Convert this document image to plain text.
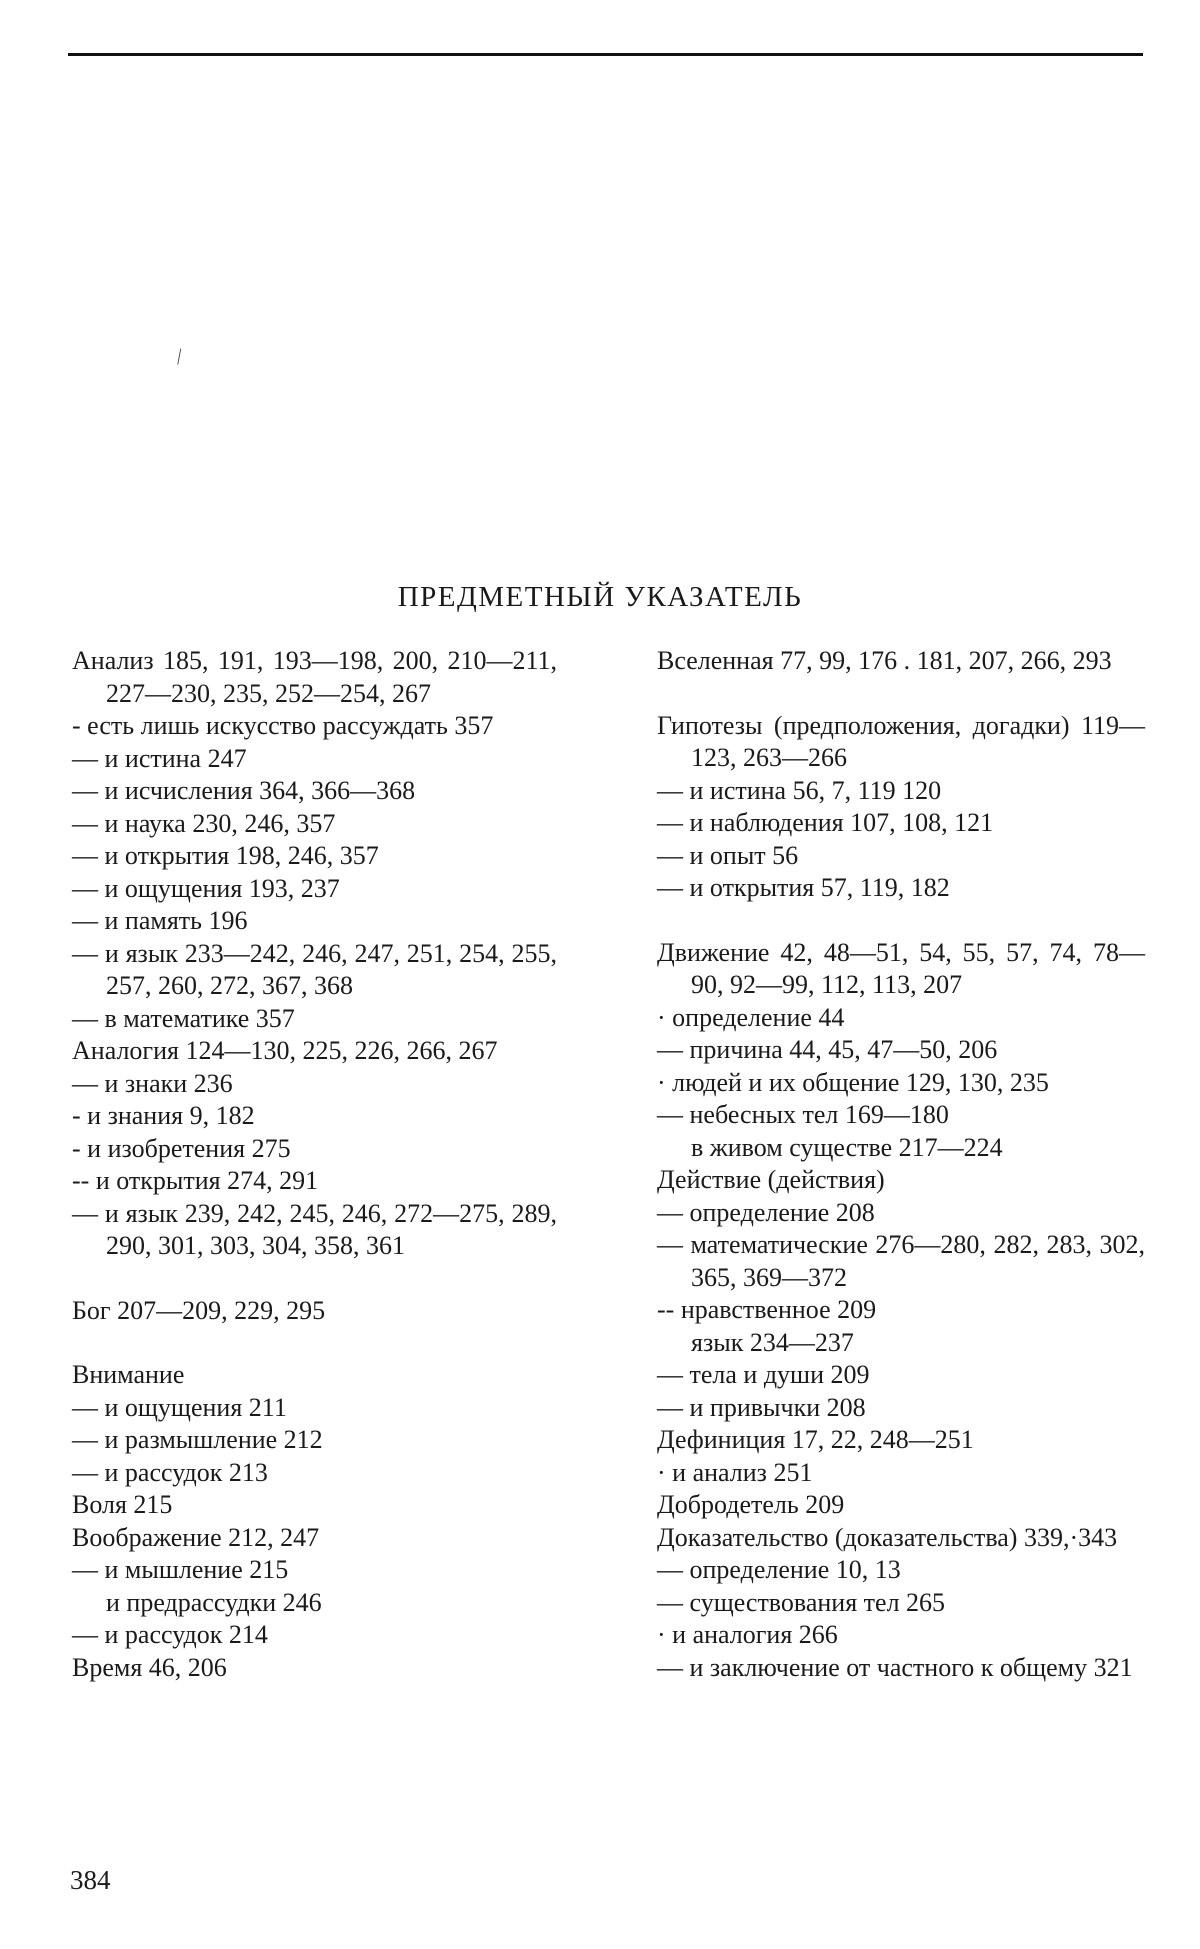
⁄
ПРЕДМЕТНЫЙ УКАЗАТЕЛЬ
Анализ 185, 191, 193—198, 200, 210—211, 227—230, 235, 252—254, 267
- есть лишь искусство рассуждать 357
— и истина 247
— и исчисления 364, 366—368
— и наука 230, 246, 357
— и открытия 198, 246, 357
— и ощущения 193, 237
— и память 196
— и язык 233—242, 246, 247, 251, 254, 255, 257, 260, 272, 367, 368
— в математике 357
Аналогия 124—130, 225, 226, 266, 267
— и знаки 236
- и знания 9, 182
- и изобретения 275
-- и открытия 274, 291
— и язык 239, 242, 245, 246, 272—275, 289, 290, 301, 303, 304, 358, 361
Бог 207—209, 229, 295
Внимание
— и ощущения 211
— и размышление 212
— и рассудок 213
Воля 215
Воображение 212, 247
— и мышление 215
и предрассудки 246
— и рассудок 214
Время 46, 206
Вселенная 77, 99, 176 . 181, 207, 266, 293
Гипотезы (предположения, догадки) 119—123, 263—266
— и истина 56, 7, 119 120
— и наблюдения 107, 108, 121
— и опыт 56
— и открытия 57, 119, 182
Движение 42, 48—51, 54, 55, 57, 74, 78—90, 92—99, 112, 113, 207
· определение 44
— причина 44, 45, 47—50, 206
· людей и их общение 129, 130, 235
— небесных тел 169—180
в живом существе 217—224
Действие (действия)
— определение 208
— математические 276—280, 282, 283, 302, 365, 369—372
-- нравственное 209
язык 234—237
— тела и души 209
— и привычки 208
Дефиниция 17, 22, 248—251
· и анализ 251
Добродетель 209
Доказательство (доказательства) 339,·343
— определение 10, 13
— существования тел 265
· и аналогия 266
— и заключение от частного к общему 321
384
